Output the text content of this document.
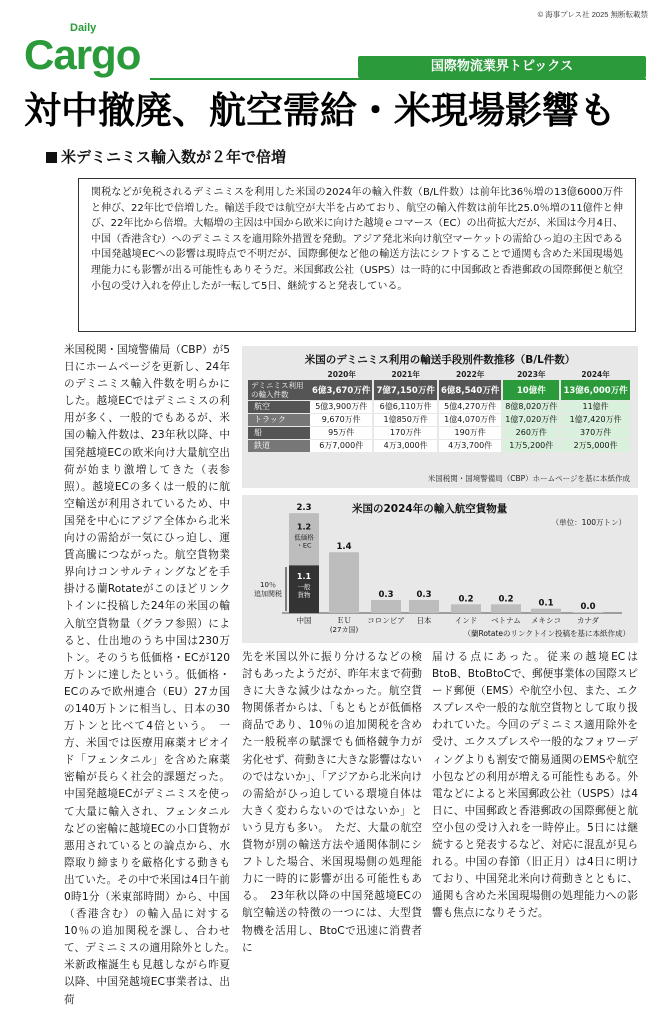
© 海事プレス社 2025 無断転載禁
Daily
Cargo	国際物流業界トピックス
対中撤廃、航空需給・米現場影響も
米デミニミス輸入数が２年で倍増
関税などが免税されるデミニミスを利用した米国の2024年の輸入件数（B/L件数）は前年比36％増の13億6000万件と伸び、22年比で倍増した。輸送手段では航空が大半を占めており、航空の輸入件数は前年比25.0％増の11億件と伸び、22年比から倍増。大幅増の主因は中国から欧米に向けた越境ｅコマース（EC）の出荷拡大だが、米国は今月4日、中国（香港含む）へのデミニミスを適用除外措置を発動。アジア発北米向け航空マーケットの需給ひっ迫の主因である中国発越境ECへの影響は現時点で不明だが、国際郵便など他の輸送方法にシフトすることで通関も含めた米国現場処理能力にも影響が出る可能性もありそうだ。米国郵政公社（USPS）は一時的に中国郵政と香港郵政の国際郵便と航空小包の受け入れを停止したが一転して5日、継続すると発表している。
米国税関・国境警備局（CBP）が5日にホームページを更新し、24年のデミニミス輸入件数を明らかにした。越境ECではデミニミスの利用が多く、一般的でもあるが、米国の輸入件数は、23年秋以降、中国発越境ECの欧米向け大量航空出荷が始まり激増してきた（表参照）。越境ECの多くは一般的に航空輸送が利用されているため、中国発を中心にアジア全体から北米向けの需給が一気にひっ迫し、運賃高騰につながった。航空貨物業界向けコンサルティングなどを手掛ける蘭Rotateがこのほどリンクトインに投稿した24年の米国の輸入航空貨物量（グラフ参照）によると、仕出地のうち中国は230万トン。そのうち低価格・ECが120万トンに達したという。低価格・ECのみで欧州連合（EU）27カ国の140万トンに相当し、日本の30万トンと比べて4倍という。　一方、米国では医療用麻薬オピオイド「フェンタニル」を含めた麻薬密輸が長らく社会的課題だった。中国発越境ECがデミニミスを使って大量に輸入され、フェンタニルなどの密輸に越境ECの小口貨物が悪用されているとの論点から、水際取り締まりを厳格化する動きも出ていた。その中で米国は4日午前0時1分（米東部時間）から、中国（香港含む）の輸入品に対する10％の追加関税を課し、合わせて、デミニミスの適用除外とした。　米新政権誕生も見越しながら昨夏以降、中国発越境EC事業者は、出荷
先を米国以外に振り分けるなどの検討もあったようだが、昨年末まで荷動きに大きな減少はなかった。航空貨物関係者からは、「もともとが低価格商品であり、10％の追加関税を含めた一般税率の賦課でも価格競争力が劣化せず、荷動きに大きな影響はないのではないか」、「アジアから北米向けの需給がひっ迫している環境自体は大きく変わらないのではないか」という見方も多い。　ただ、大量の航空貨物が別の輸送方法や通関体制にシフトした場合、米国現場側の処理能力に一時的に影響が出る可能性もある。　23年秋以降の中国発越境ECの航空輸送の特徴の一つには、大型貨物機を活用し、BtoCで迅速に消費者に
届ける点にあった。従来の越境ECはBtoB、BtoBtoCで、郵便事業体の国際スピード郵便（EMS）や航空小包、また、エクスプレスや一般的な航空貨物として取り扱われていた。今回のデミニミス適用除外を受け、エクスプレスや一般的なフォワーディングよりも割安で簡易通関のEMSや航空小包などの利用が増える可能性もある。外電などによると米国郵政公社（USPS）は4日に、中国郵政と香港郵政の国際郵便と航空小包の受け入れを一時停止。5日には継続すると発表するなど、対応に混乱が見られる。中国の春節（旧正月）は4日に明けており、中国発北米向け荷動きとともに、通関も含めた米国現場側の処理能力への影響も焦点になりそうだ。
米国のデミニミス利用の輸送手段別件数推移（B/L件数）
	2020年	2021年	2022年	2023年	2024年
デミニミス利用の輸入件数	6億3,670万件	7億7,150万件	6億8,540万件	10億件	13億6,000万件
航空	5億3,900万件	6億6,110万件	5億4,270万件	8億8,020万件	11億件
トラック	9,670万件	1億850万件	1億4,070万件	1億7,020万件	1億7,420万件
船	95万件	170万件	190万件	260万件	370万件
鉄道	6万7,000件	4万3,000件	4万3,700件	1万5,200件	2万5,000件
米国税関・国境警備局（CBP）ホームページを基に本紙作成
米国の2024年の輸入航空貨物量
（単位：100万トン）
（蘭Rotateのリンクトイン投稿を基に本紙作成）
2.3
1.2
低価格
・EC
1.1
一般
貨物
10％
追加関税
中国
1.4
ＥＵ
0.3
コロンビア
0.3
日本
0.2
インド
0.2
ベトナム
0.1
メキシコ
0.0
カナダ
(27カ国)
